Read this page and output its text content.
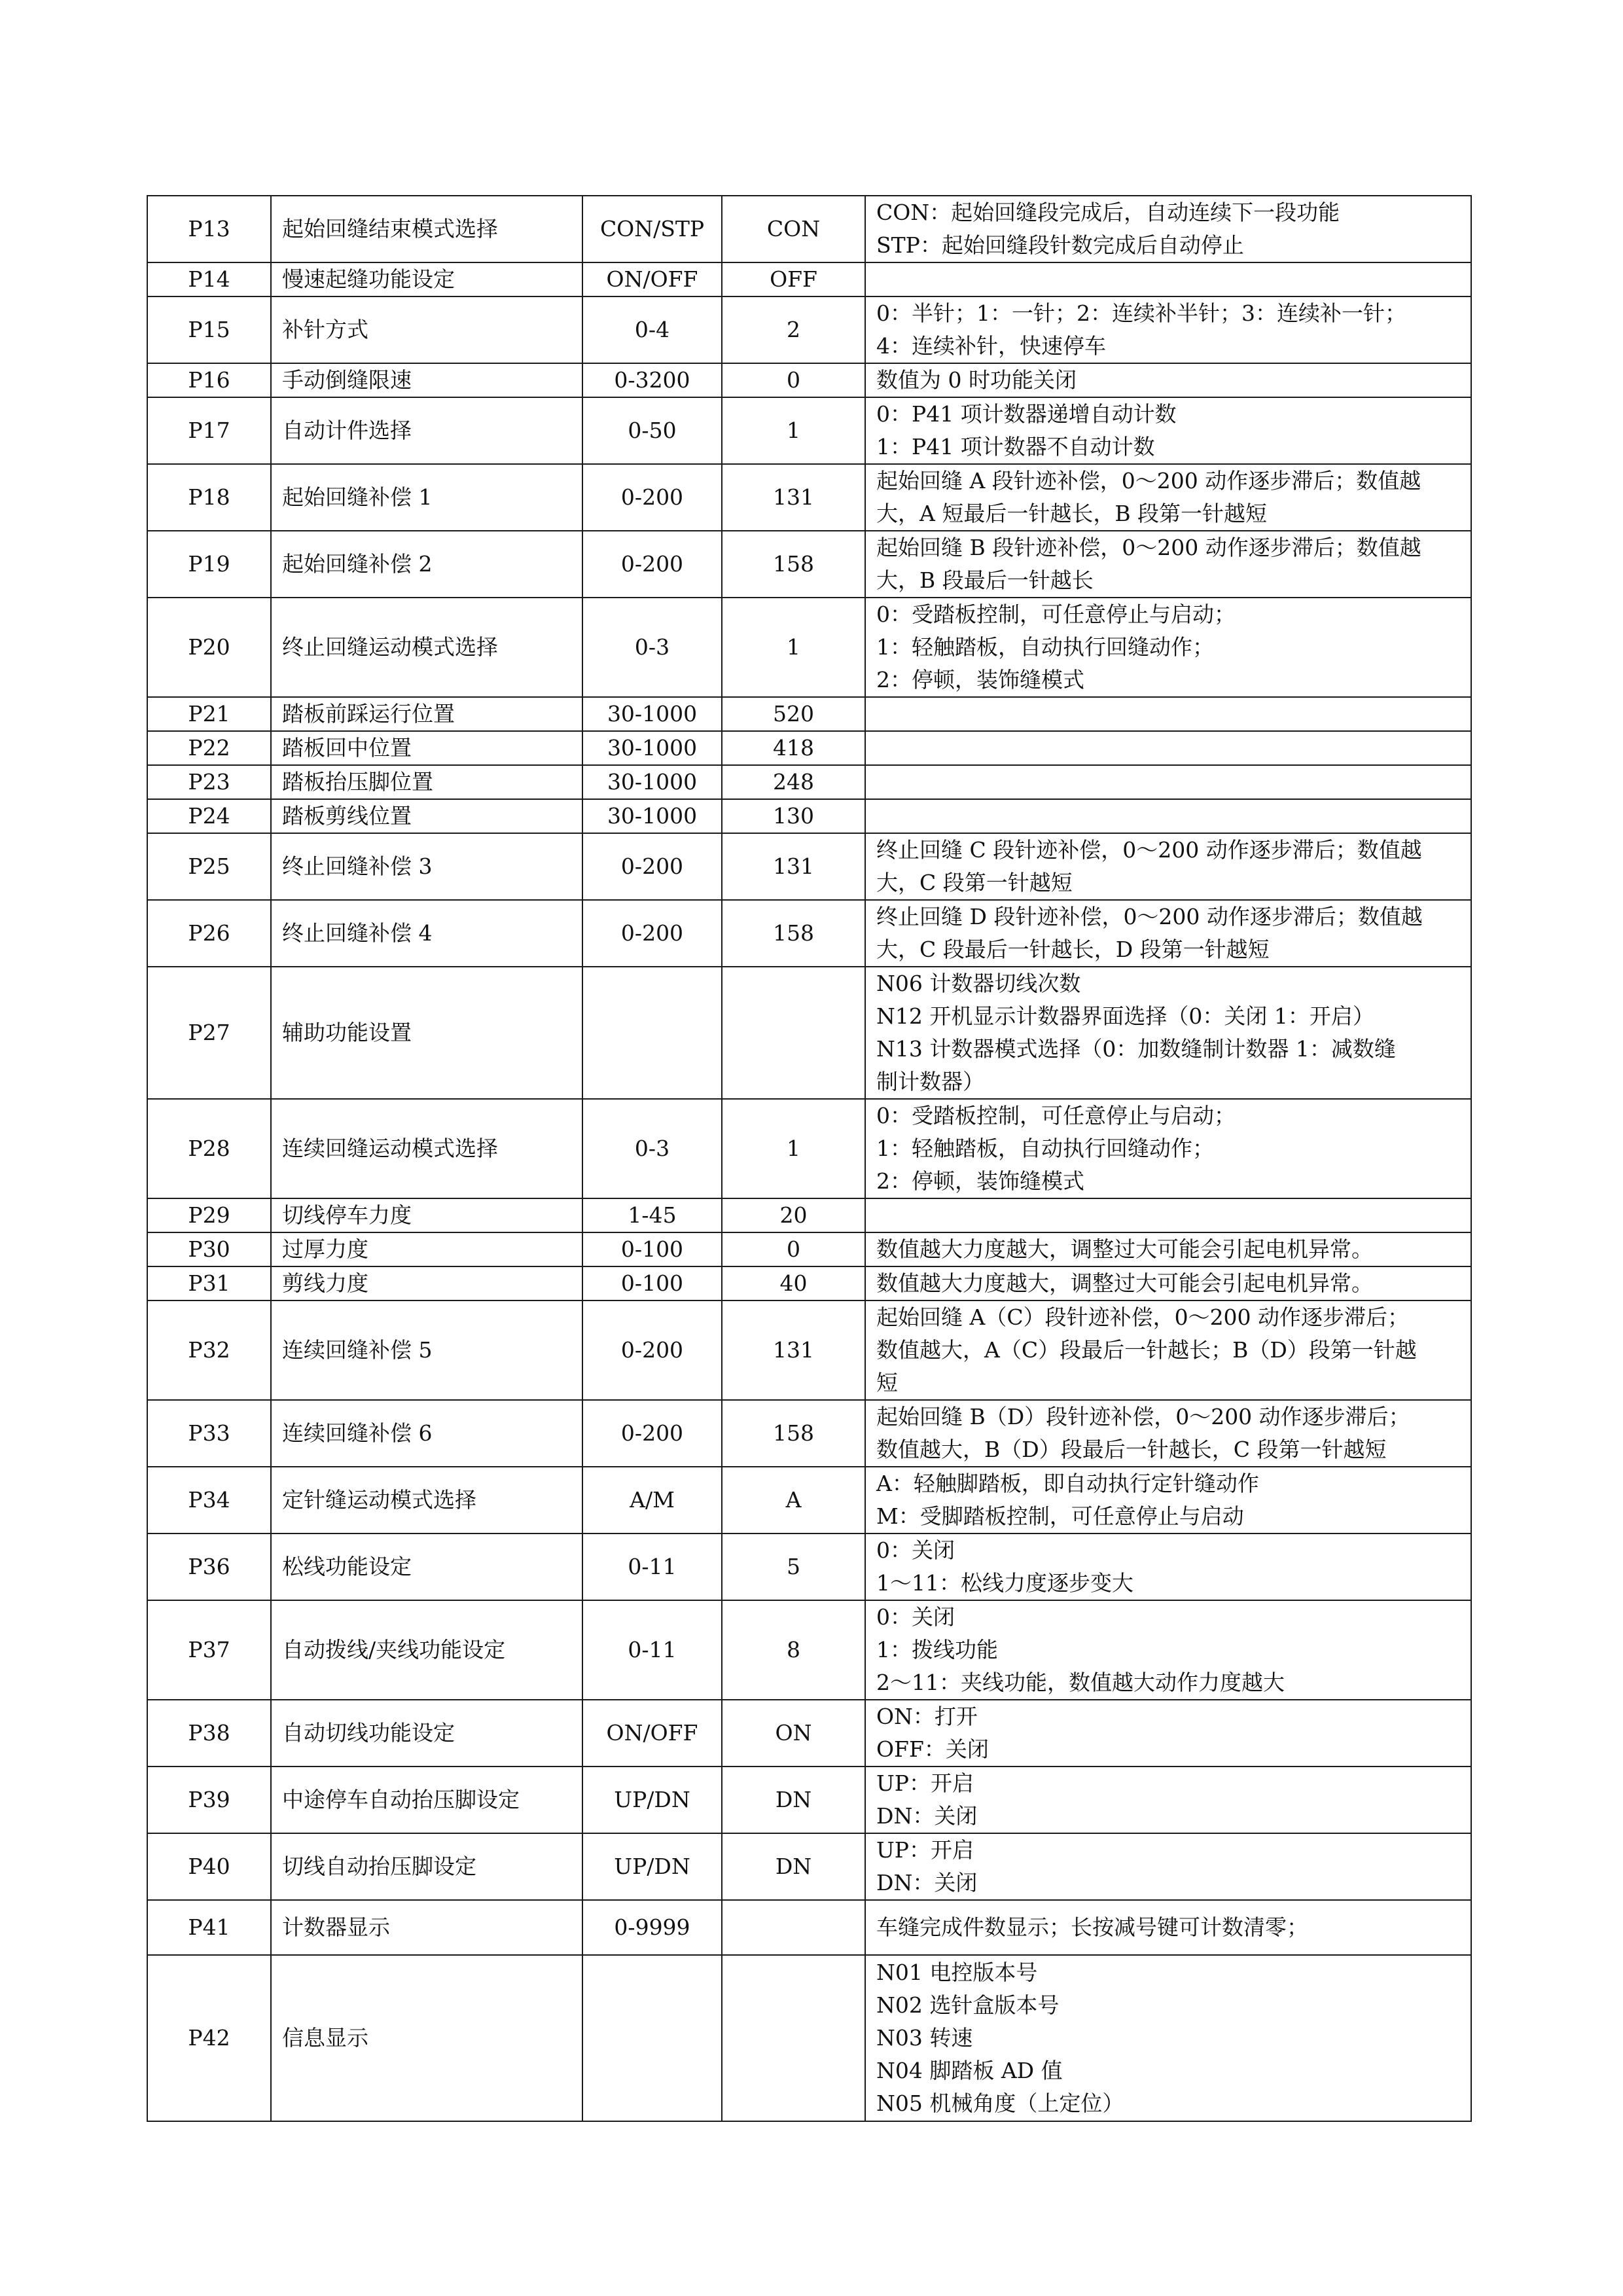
P13	起始回缝结束模式选择	CON/STP	CON	CON：起始回缝段完成后，自动连续下一段功能
STP：起始回缝段针数完成后自动停止

P14	慢速起缝功能设定	ON/OFF	OFF	
P15	补针方式	0-4	2	0：半针；1：一针；2：连续补半针；3：连续补一针；
4：连续补针，快速停车

P16	手动倒缝限速	0-3200	0	数值为 0 时功能关闭

P17	自动计件选择	0-50	1	0：P41 项计数器递增自动计数
1：P41 项计数器不自动计数

P18	起始回缝补偿 1	0-200	131	起始回缝 A 段针迹补偿，0～200 动作逐步滞后；数值越
大，A 短最后一针越长，B 段第一针越短

P19	起始回缝补偿 2	0-200	158	起始回缝 B 段针迹补偿，0～200 动作逐步滞后；数值越
大，B 段最后一针越长

P20	终止回缝运动模式选择	0-3	1	0：受踏板控制，可任意停止与启动；
1：轻触踏板，自动执行回缝动作；
2：停顿，装饰缝模式

P21	踏板前踩运行位置	30-1000	520	
P22	踏板回中位置	30-1000	418	
P23	踏板抬压脚位置	30-1000	248	
P24	踏板剪线位置	30-1000	130	
P25	终止回缝补偿 3	0-200	131	终止回缝 C 段针迹补偿，0～200 动作逐步滞后；数值越
大，C 段第一针越短

P26	终止回缝补偿 4	0-200	158	终止回缝 D 段针迹补偿，0～200 动作逐步滞后；数值越
大，C 段最后一针越长，D 段第一针越短

P27	辅助功能设置			N06 计数器切线次数
N12 开机显示计数器界面选择（0：关闭 1：开启）
N13 计数器模式选择（0：加数缝制计数器 1：减数缝
制计数器）

P28	连续回缝运动模式选择	0-3	1	0：受踏板控制，可任意停止与启动；
1：轻触踏板，自动执行回缝动作；
2：停顿，装饰缝模式

P29	切线停车力度	1-45	20	
P30	过厚力度	0-100	0	数值越大力度越大，调整过大可能会引起电机异常。

P31	剪线力度	0-100	40	数值越大力度越大，调整过大可能会引起电机异常。

P32	连续回缝补偿 5	0-200	131	起始回缝 A（C）段针迹补偿，0～200 动作逐步滞后；
数值越大，A（C）段最后一针越长；B（D）段第一针越
短

P33	连续回缝补偿 6	0-200	158	起始回缝 B（D）段针迹补偿，0～200 动作逐步滞后；
数值越大，B（D）段最后一针越长，C 段第一针越短

P34	定针缝运动模式选择	A/M	A	A：轻触脚踏板，即自动执行定针缝动作
M：受脚踏板控制，可任意停止与启动

P36	松线功能设定	0-11	5	0：关闭
1～11：松线力度逐步变大

P37	自动拨线/夹线功能设定	0-11	8	0：关闭
1：拨线功能
2～11：夹线功能，数值越大动作力度越大

P38	自动切线功能设定	ON/OFF	ON	ON：打开
OFF：关闭

P39	中途停车自动抬压脚设定	UP/DN	DN	UP：开启
DN：关闭

P40	切线自动抬压脚设定	UP/DN	DN	UP：开启
DN：关闭

P41	计数器显示	0-9999		车缝完成件数显示；长按减号键可计数清零；

P42	信息显示			N01 电控版本号
N02 选针盒版本号
N03 转速
N04 脚踏板 AD 值
N05 机械角度（上定位）
